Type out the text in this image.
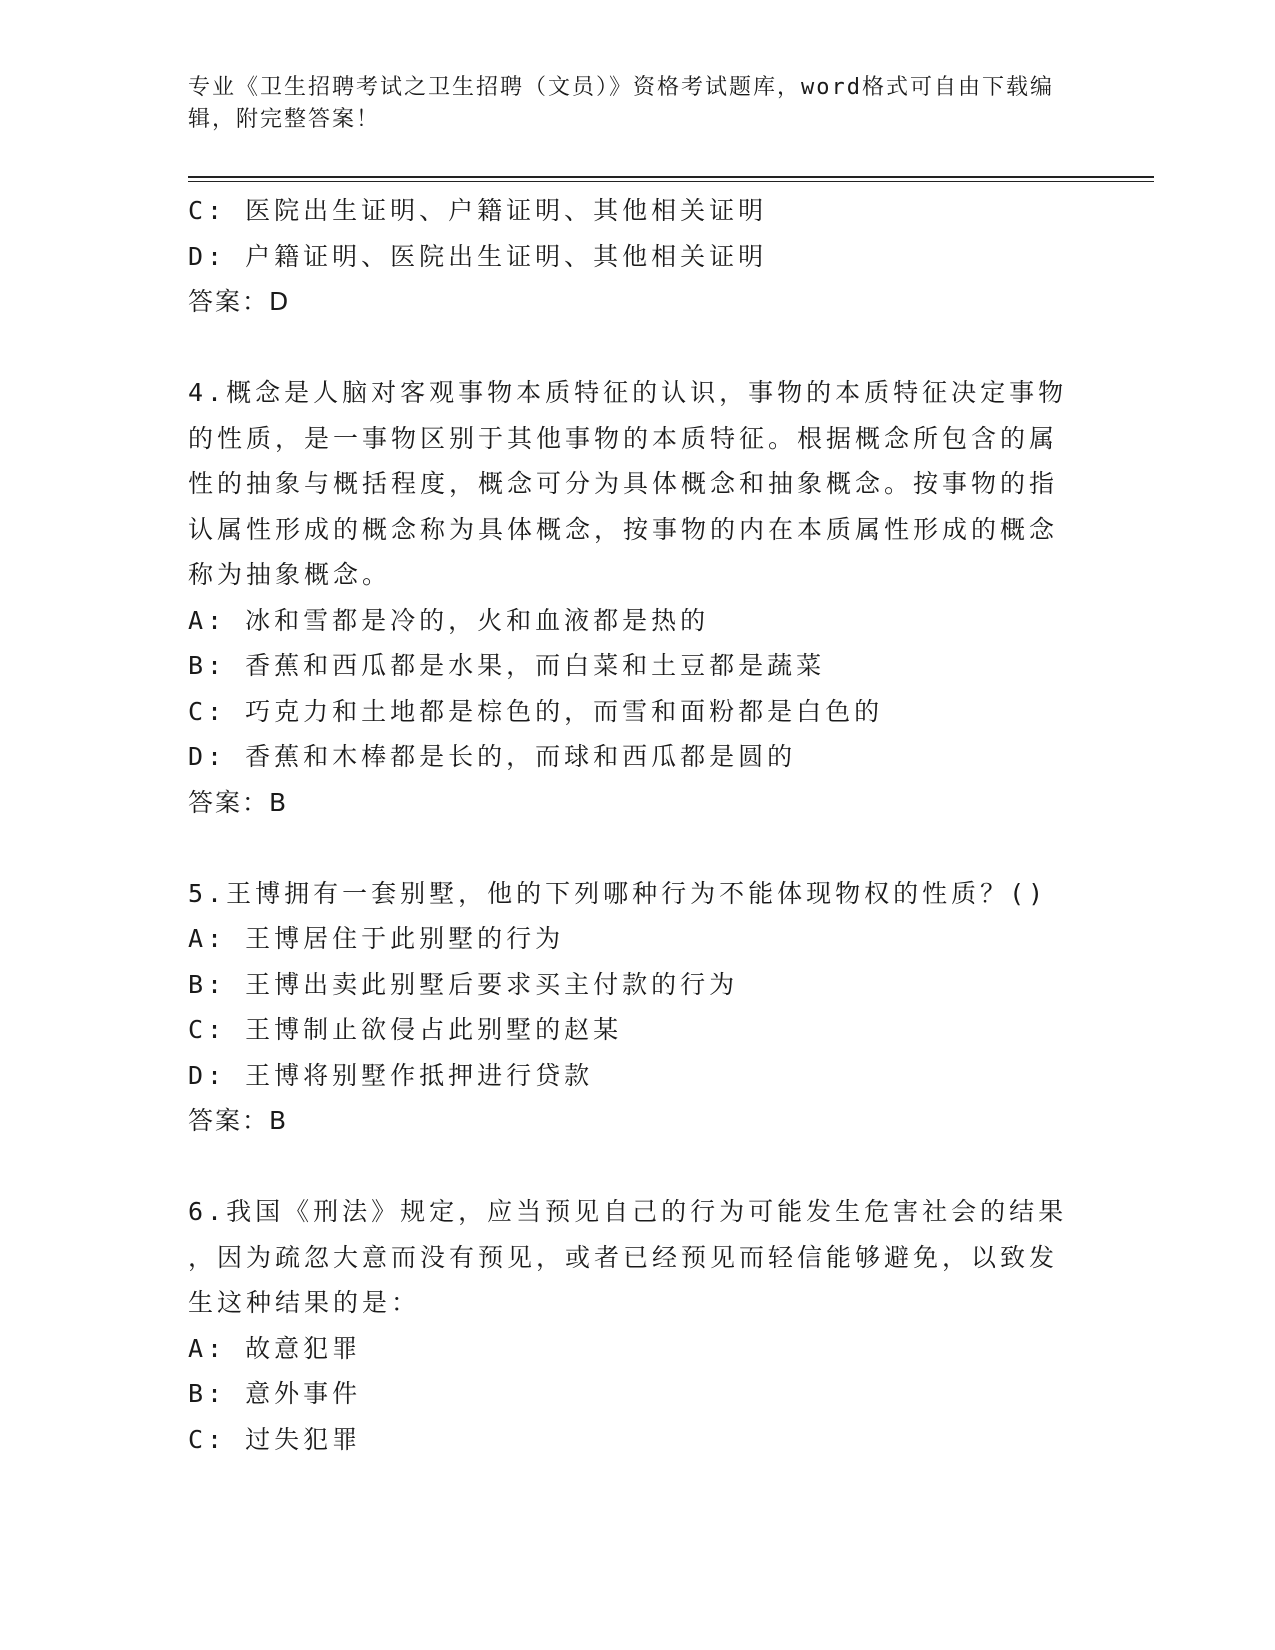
专业《卫生招聘考试之卫生招聘（文员）》资格考试题库，word格式可自由下载编辑，附完整答案！

C: 医院出生证明、户籍证明、其他相关证明

D: 户籍证明、医院出生证明、其他相关证明

答案：D

4.概念是人脑对客观事物本质特征的认识，事物的本质特征决定事物

的性质，是一事物区别于其他事物的本质特征。根据概念所包含的属

性的抽象与概括程度，概念可分为具体概念和抽象概念。按事物的指

认属性形成的概念称为具体概念，按事物的内在本质属性形成的概念

称为抽象概念。

A: 冰和雪都是冷的，火和血液都是热的

B: 香蕉和西瓜都是水果，而白菜和土豆都是蔬菜

C: 巧克力和土地都是棕色的，而雪和面粉都是白色的

D: 香蕉和木棒都是长的，而球和西瓜都是圆的

答案：B

5.王博拥有一套别墅，他的下列哪种行为不能体现物权的性质？()

A: 王博居住于此别墅的行为

B: 王博出卖此别墅后要求买主付款的行为

C: 王博制止欲侵占此别墅的赵某

D: 王博将别墅作抵押进行贷款

答案：B

6.我国《刑法》规定，应当预见自己的行为可能发生危害社会的结果

，因为疏忽大意而没有预见，或者已经预见而轻信能够避免，以致发

生这种结果的是：

A: 故意犯罪

B: 意外事件

C: 过失犯罪
